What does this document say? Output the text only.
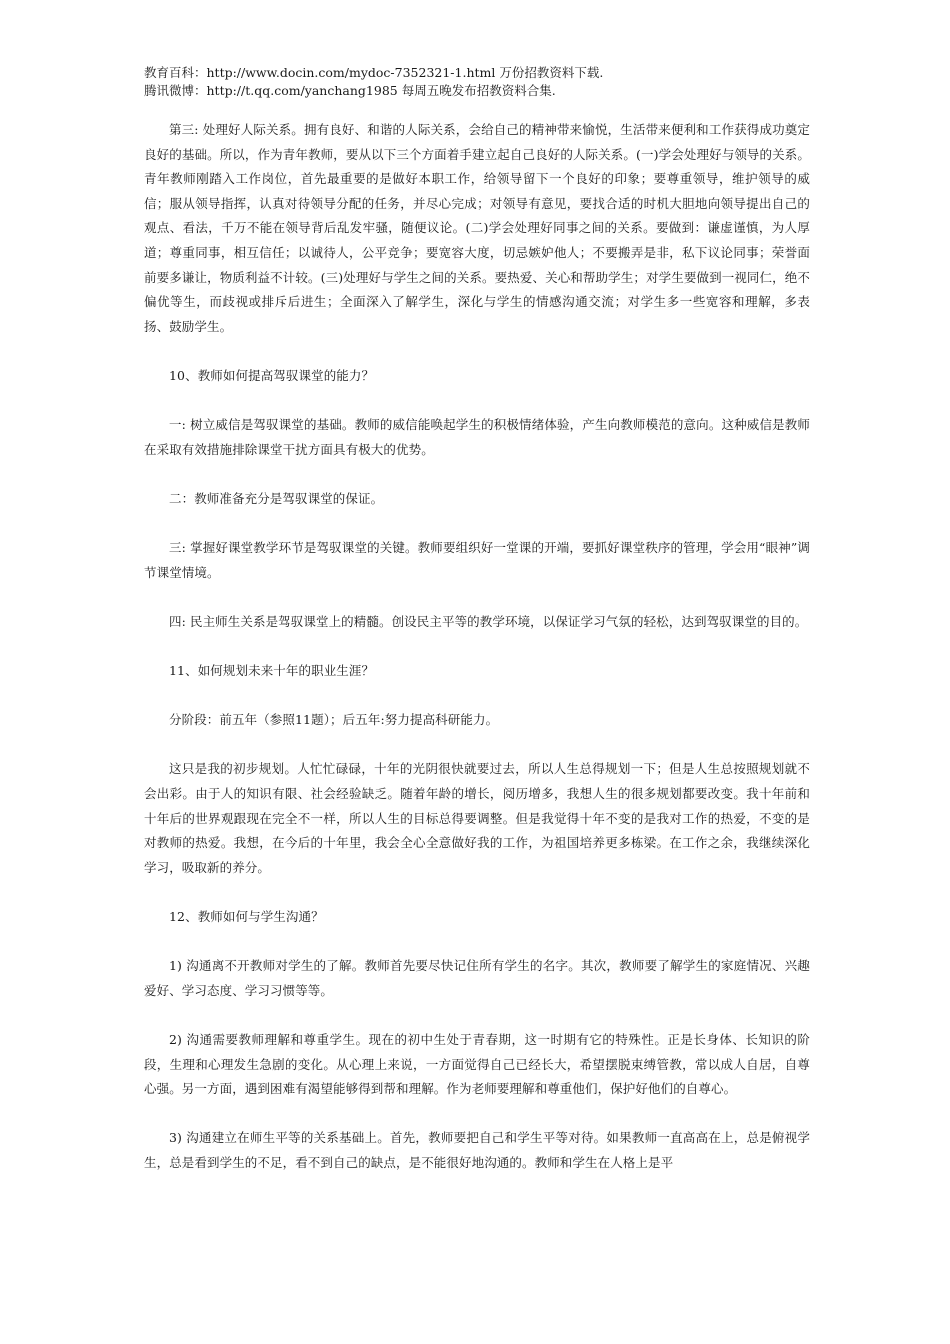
教育百科：http://www.docin.com/mydoc-7352321-1.html 万份招教资料下载.

腾讯微博：http://t.qq.com/yanchang1985 每周五晚发布招教资料合集.

第三: 处理好人际关系。拥有良好、和谐的人际关系，会给自己的精神带来愉悦，生活带来便利和工作获得成功奠定良好的基础。所以，作为青年教师，要从以下三个方面着手建立起自己良好的人际关系。(一)学会处理好与领导的关系。青年教师刚踏入工作岗位，首先最重要的是做好本职工作，给领导留下一个良好的印象；要尊重领导，维护领导的威信；服从领导指挥，认真对待领导分配的任务，并尽心完成；对领导有意见，要找合适的时机大胆地向领导提出自己的观点、看法，千万不能在领导背后乱发牢骚，随便议论。(二)学会处理好同事之间的关系。要做到：谦虚谨慎，为人厚道；尊重同事，相互信任；以诚待人，公平竞争；要宽容大度，切忌嫉妒他人；不要搬弄是非，私下议论同事；荣誉面前要多谦让，物质利益不计较。(三)处理好与学生之间的关系。要热爱、关心和帮助学生；对学生要做到一视同仁，绝不偏优等生，而歧视或排斥后进生；全面深入了解学生，深化与学生的情感沟通交流；对学生多一些宽容和理解，多表扬、鼓励学生。

10、教师如何提高驾驭课堂的能力？

一: 树立威信是驾驭课堂的基础。教师的威信能唤起学生的积极情绪体验，产生向教师模范的意向。这种威信是教师在采取有效措施排除课堂干扰方面具有极大的优势。

二：教师准备充分是驾驭课堂的保证。

三: 掌握好课堂教学环节是驾驭课堂的关键。教师要组织好一堂课的开端，要抓好课堂秩序的管理，学会用“眼神”调节课堂情境。

四: 民主师生关系是驾驭课堂上的精髓。创设民主平等的教学环境，以保证学习气氛的轻松，达到驾驭课堂的目的。

11、如何规划未来十年的职业生涯？

分阶段：前五年（参照11题）；后五年:努力提高科研能力。

这只是我的初步规划。人忙忙碌碌，十年的光阴很快就要过去，所以人生总得规划一下；但是人生总按照规划就不会出彩。由于人的知识有限、社会经验缺乏。随着年龄的增长，阅历增多，我想人生的很多规划都要改变。我十年前和十年后的世界观跟现在完全不一样，所以人生的目标总得要调整。但是我觉得十年不变的是我对工作的热爱，不变的是对教师的热爱。我想，在今后的十年里，我会全心全意做好我的工作，为祖国培养更多栋梁。在工作之余，我继续深化学习，吸取新的养分。

12、教师如何与学生沟通？

1) 沟通离不开教师对学生的了解。教师首先要尽快记住所有学生的名字。其次，教师要了解学生的家庭情况、兴趣爱好、学习态度、学习习惯等等。

2) 沟通需要教师理解和尊重学生。现在的初中生处于青春期，这一时期有它的特殊性。正是长身体、长知识的阶段，生理和心理发生急剧的变化。从心理上来说，一方面觉得自己已经长大，希望摆脱束缚管教，常以成人自居，自尊心强。另一方面，遇到困难有渴望能够得到帮和理解。作为老师要理解和尊重他们，保护好他们的自尊心。

3) 沟通建立在师生平等的关系基础上。首先，教师要把自己和学生平等对待。如果教师一直高高在上，总是俯视学生，总是看到学生的不足，看不到自己的缺点，是不能很好地沟通的。教师和学生在人格上是平
